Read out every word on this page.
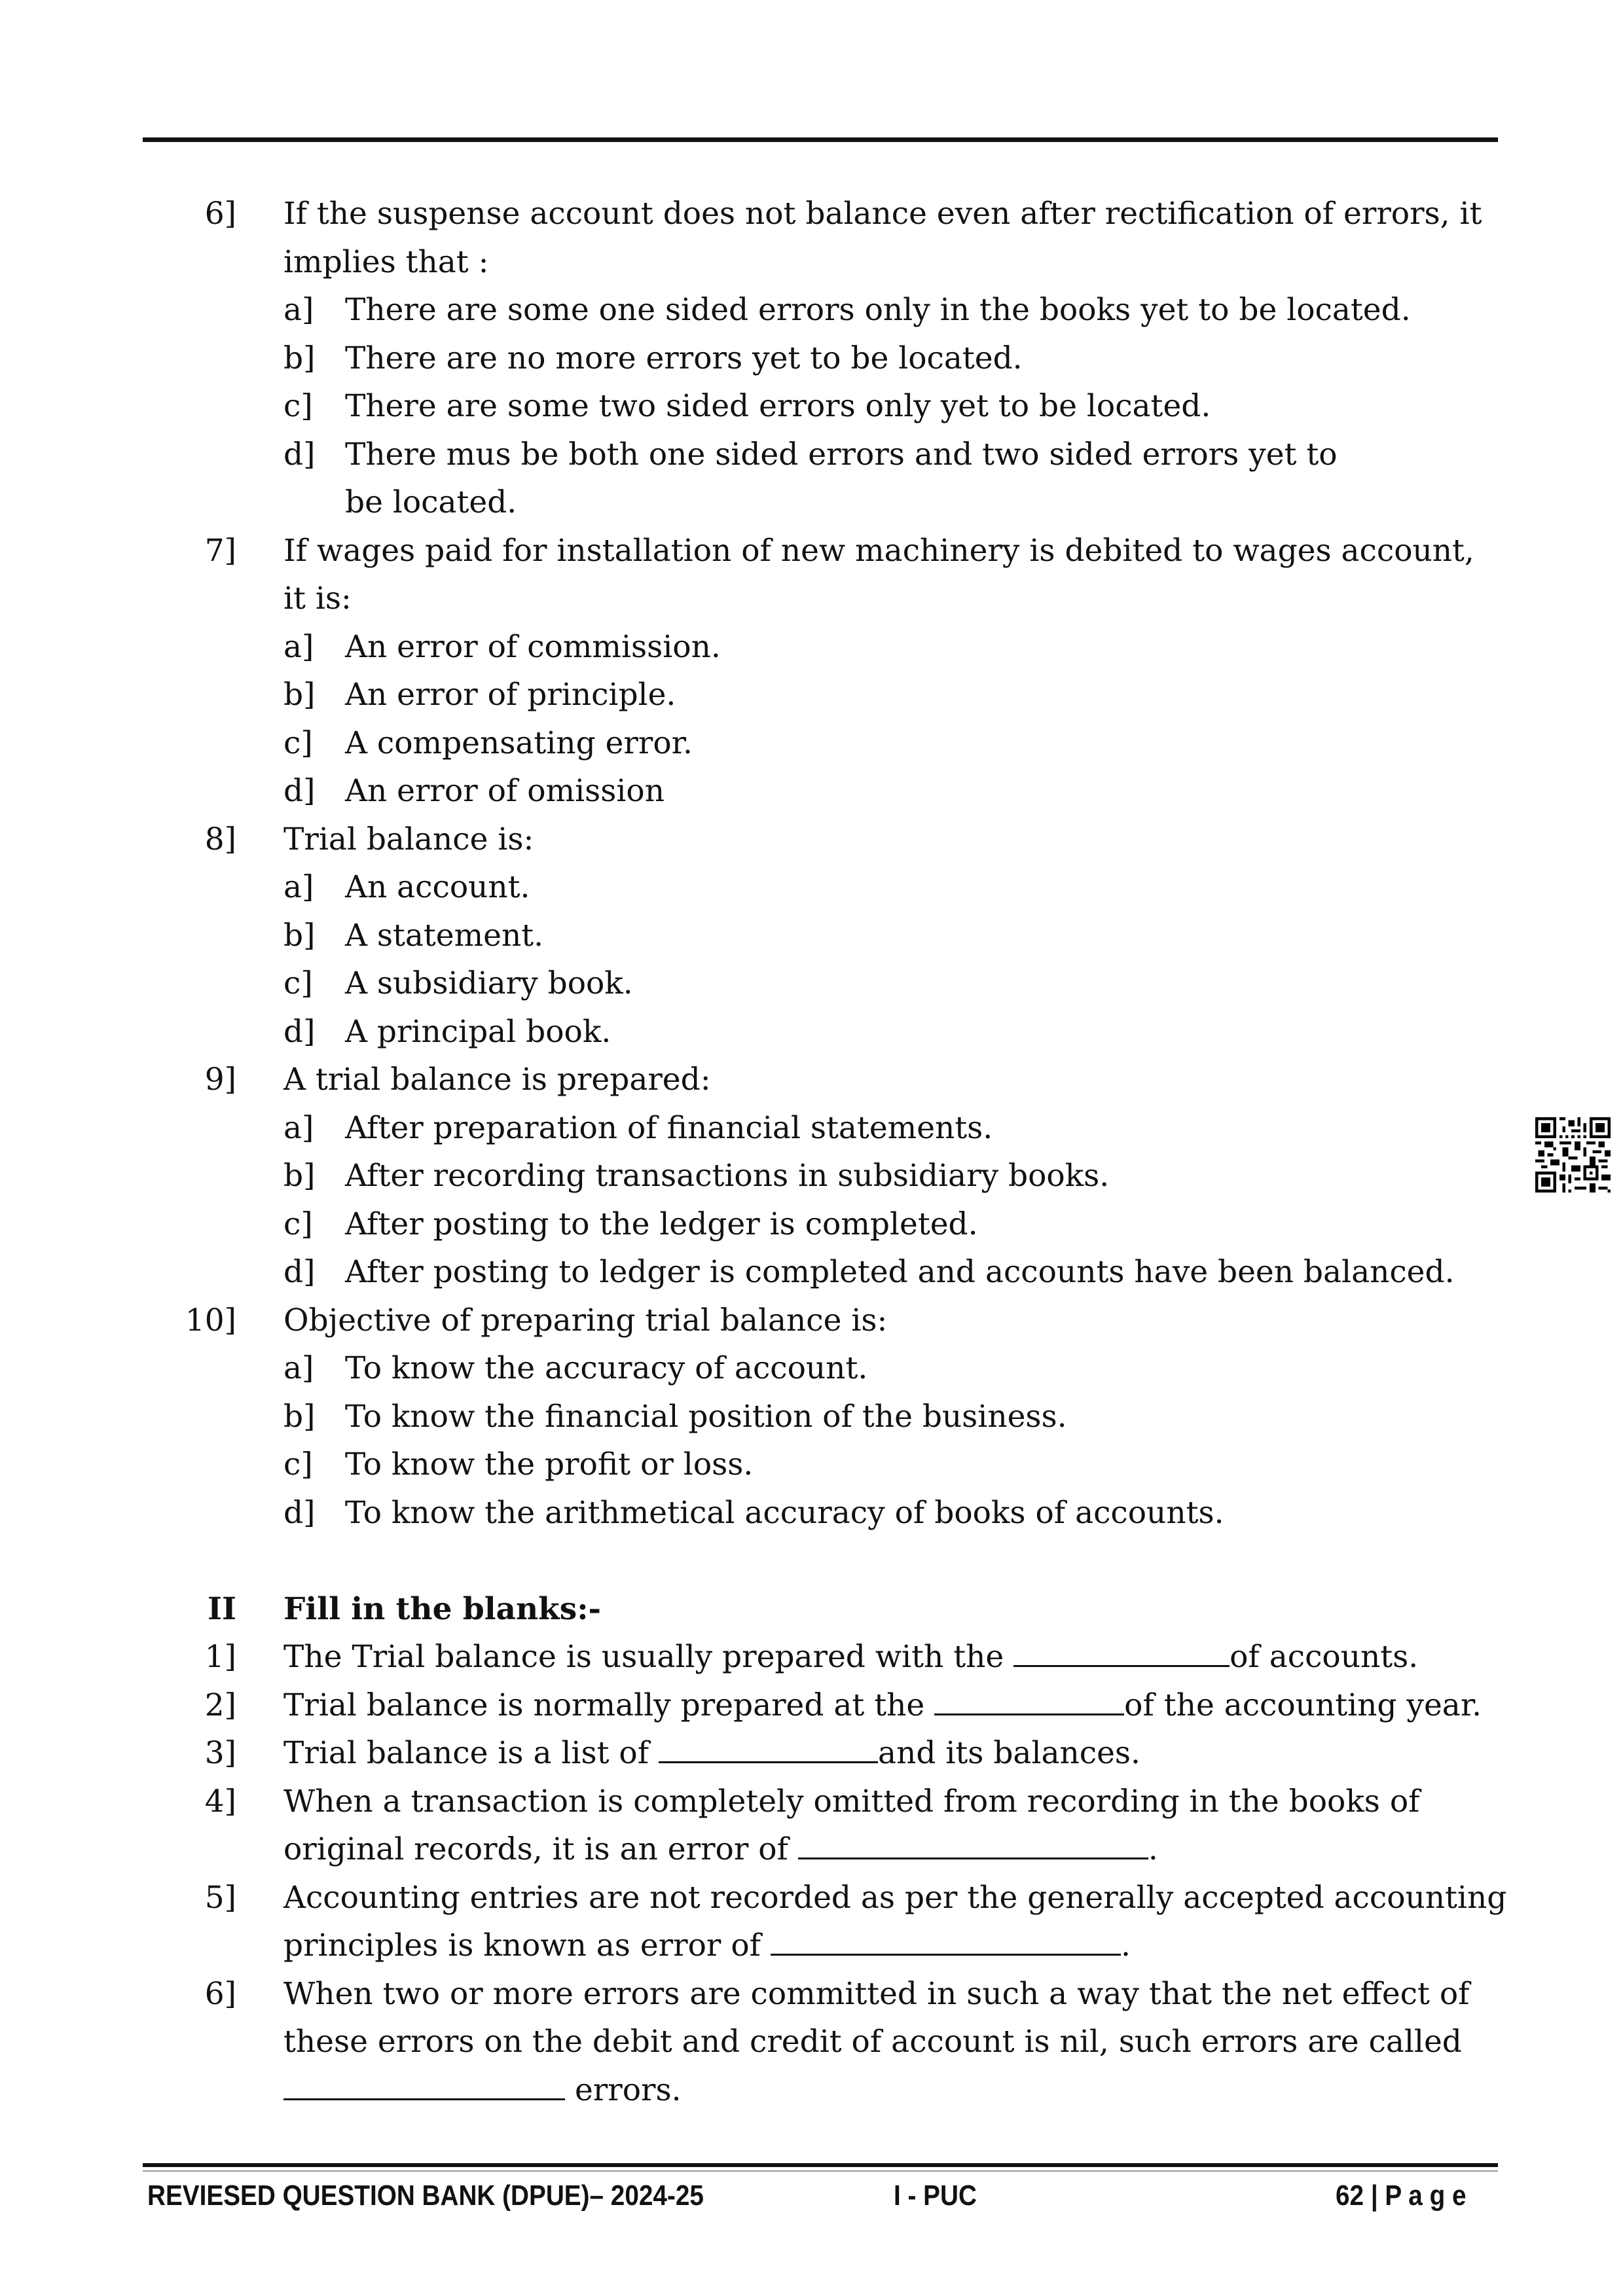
6] If the suspense account does not balance even after rectification of errors, it
implies that :
a] There are some one sided errors only in the books yet to be located.
b] There are no more errors yet to be located.
c] There are some two sided errors only yet to be located.
d] There mus be both one sided errors and two sided errors yet to
be located.
7] If wages paid for installation of new machinery is debited to wages account,
it is:
a] An error of commission.
b] An error of principle.
c] A compensating error.
d] An error of omission
8] Trial balance is:
a] An account.
b] A statement.
c] A subsidiary book.
d] A principal book.
9] A trial balance is prepared:
a] After preparation of financial statements.
b] After recording transactions in subsidiary books.
c] After posting to the ledger is completed.
d] After posting to ledger is completed and accounts have been balanced.
10] Objective of preparing trial balance is:
a] To know the accuracy of account.
b] To know the financial position of the business.
c] To know the profit or loss.
d] To know the arithmetical accuracy of books of accounts.
II Fill in the blanks:-
1] The Trial balance is usually prepared with the	of accounts.
2] Trial balance is normally prepared at the	of the accounting year.
3] Trial balance is a list of	and its balances.
4] When a transaction is completely omitted from recording in the books of
original records, it is an error of	.
5] Accounting entries are not recorded as per the generally accepted accounting
principles is known as error of	.
6] When two or more errors are committed in such a way that the net effect of
these errors on the debit and credit of account is nil, such errors are called
errors.
REVIESED QUESTION BANK (DPUE)– 2024-25	I - PUC	62 | P a g e
